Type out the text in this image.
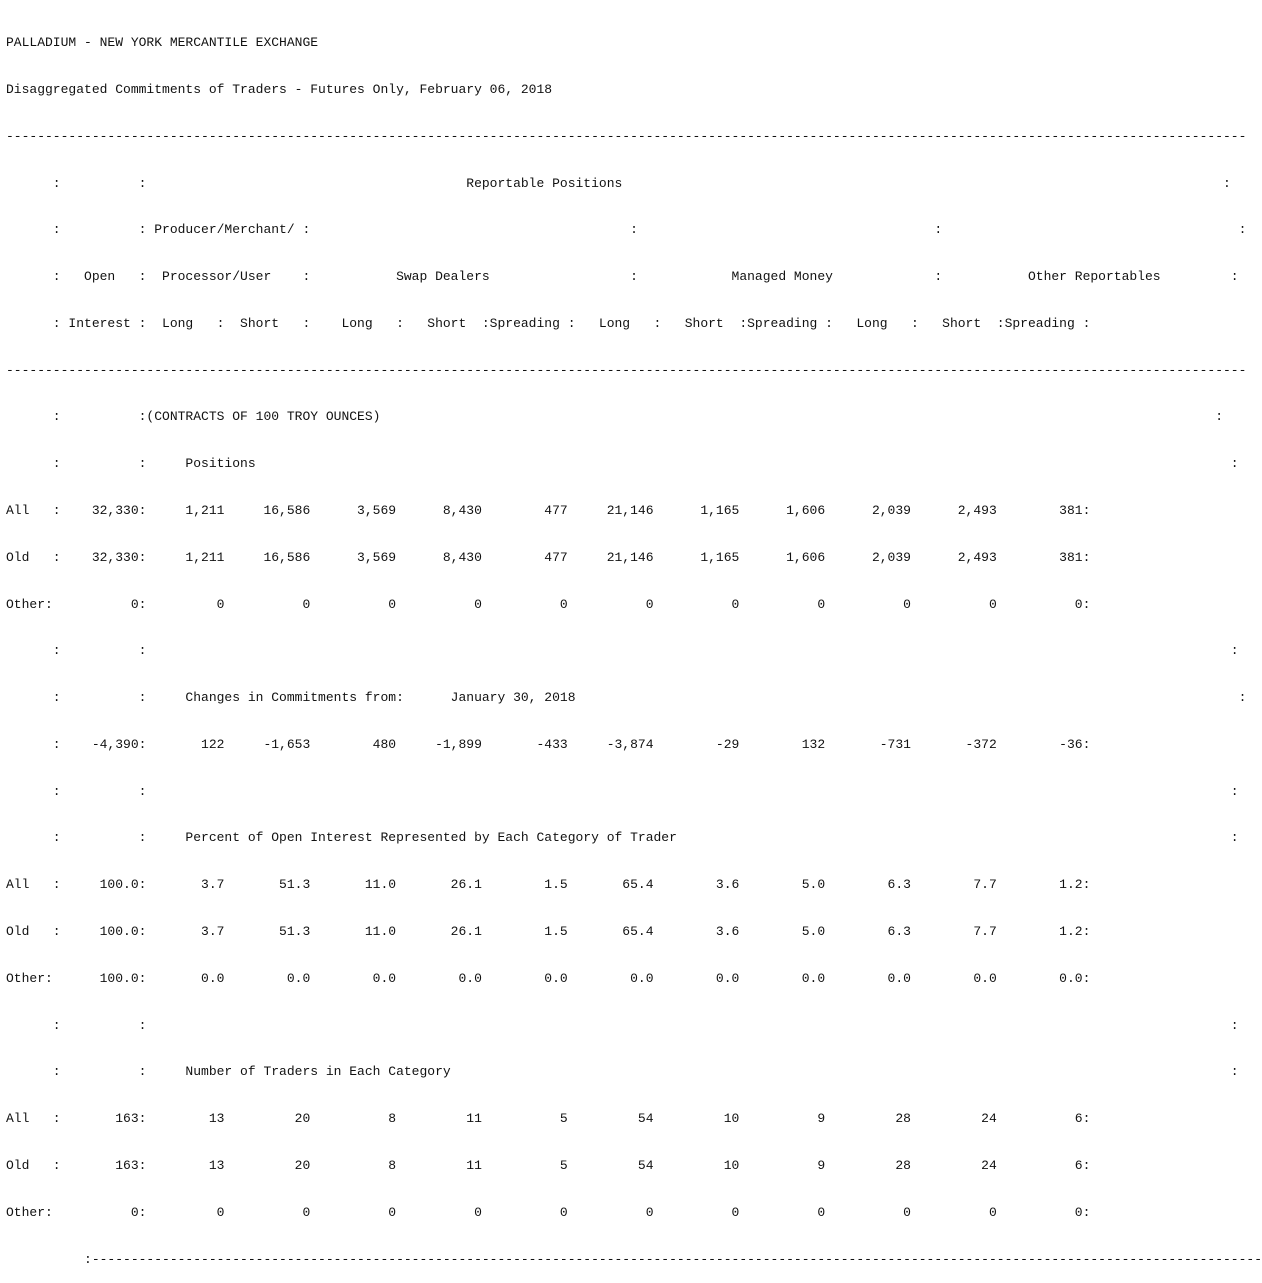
PALLADIUM - NEW YORK MERCANTILE EXCHANGE

Disaggregated Commitments of Traders - Futures Only, February 06, 2018

---------------------------------------------------------------------------------------------------------------------------------------------------------------

:          :                                         Reportable Positions                                                                             :

:          : Producer/Merchant/ :                                         :                                      :                                      :

:   Open   :  Processor/User    :           Swap Dealers                  :            Managed Money             :           Other Reportables         :

: Interest :  Long   :  Short   :    Long   :   Short  :Spreading :   Long   :   Short  :Spreading :   Long   :   Short  :Spreading :

---------------------------------------------------------------------------------------------------------------------------------------------------------------

:          :(CONTRACTS OF 100 TROY OUNCES)                                                                                                           :

:          :     Positions                                                                                                                             :

All   :    32,330:     1,211     16,586      3,569      8,430        477     21,146      1,165      1,606      2,039      2,493        381:

Old   :    32,330:     1,211     16,586      3,569      8,430        477     21,146      1,165      1,606      2,039      2,493        381:

Other:          0:         0          0          0          0          0          0          0          0          0          0          0:

:          :                                                                                                                                           :

:          :     Changes in Commitments from:      January 30, 2018                                                                                     :

:    -4,390:       122     -1,653        480     -1,899       -433     -3,874        -29        132       -731       -372        -36:

:          :                                                                                                                                           :

:          :     Percent of Open Interest Represented by Each Category of Trader                                                                       :

All   :     100.0:       3.7       51.3       11.0       26.1        1.5       65.4        3.6        5.0        6.3        7.7        1.2:

Old   :     100.0:       3.7       51.3       11.0       26.1        1.5       65.4        3.6        5.0        6.3        7.7        1.2:

Other:      100.0:       0.0        0.0        0.0        0.0        0.0        0.0        0.0        0.0        0.0        0.0        0.0:

:          :                                                                                                                                           :

:          :     Number of Traders in Each Category                                                                                                    :

All   :       163:        13         20          8         11          5         54         10          9         28         24          6:

Old   :       163:        13         20          8         11          5         54         10          9         28         24          6:

Other:          0:         0          0          0          0          0          0          0          0          0          0          0:

:------------------------------------------------------------------------------------------------------------------------------------------------------
